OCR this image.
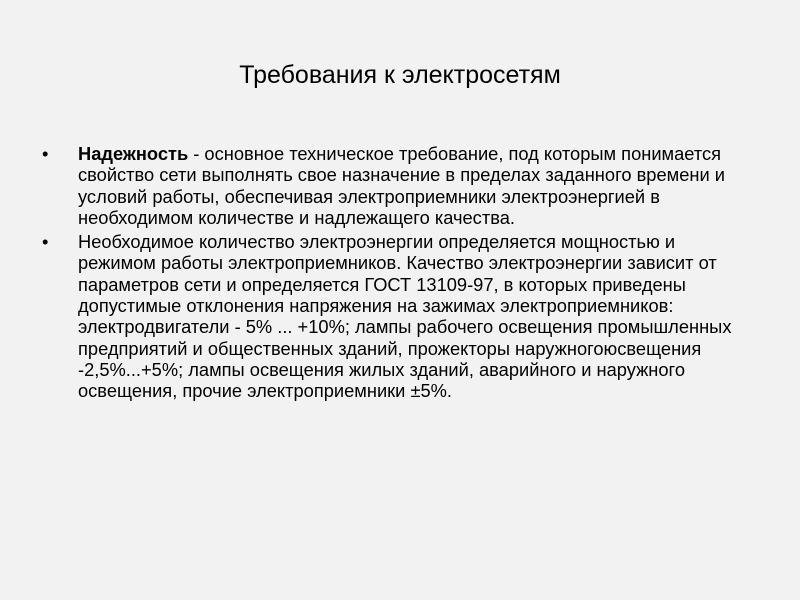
Требования к электросетям
•	Надежность - основное техническое требование, под которым понимается свойство сети выполнять свое назначение в пределах заданного времени и условий работы, обеспечивая электроприемники электроэнергией в необходимом количестве и надлежащего качества.
•	Необходимое количество электроэнергии определяется мощностью и режимом работы электроприемников. Качество электроэнергии зависит от параметров сети и определяется ГОСТ 13109-97, в которых приведены допустимые отклонения напряжения на зажимах электроприемников: электродвигатели - 5% ... +10%; лампы рабочего освещения промышленных предприятий и общественных зданий, прожекторы наружногоюсвещения -2,5%...+5%; лампы освещения жилых зданий, аварийного и наружного освещения, прочие электроприемники ±5%.
